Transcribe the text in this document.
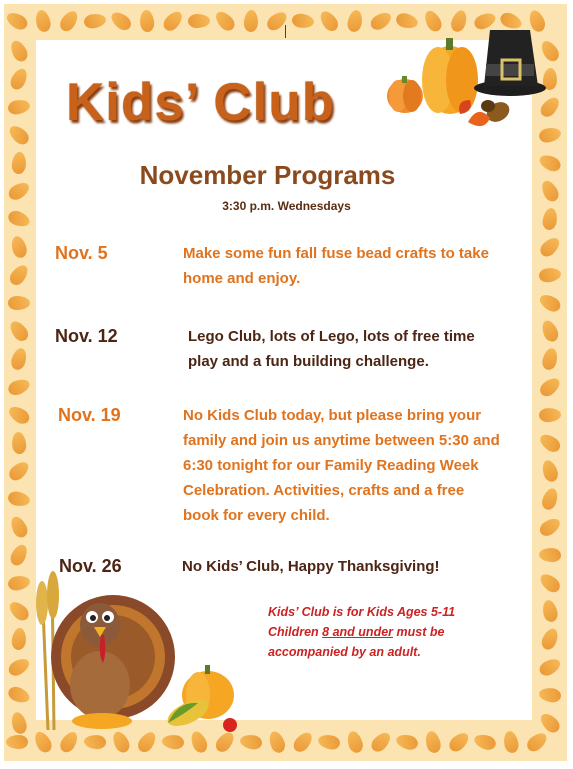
Kids’ Club
November Programs
3:30 p.m. Wednesdays
Nov. 5	Make some fun fall fuse bead crafts to take
home and enjoy.
Nov. 12	Lego Club, lots of Lego, lots of free time
play and a fun building challenge.
Nov. 19	No Kids Club today, but please bring your
family and join us anytime between 5:30 and
6:30 tonight for our Family Reading Week
Celebration. Activities, crafts and a free
book for every child.
Nov. 26	No Kids’ Club, Happy Thanksgiving!
Kids’ Club is for Kids Ages 5-11
Children 8 and under must be
accompanied by an adult.
